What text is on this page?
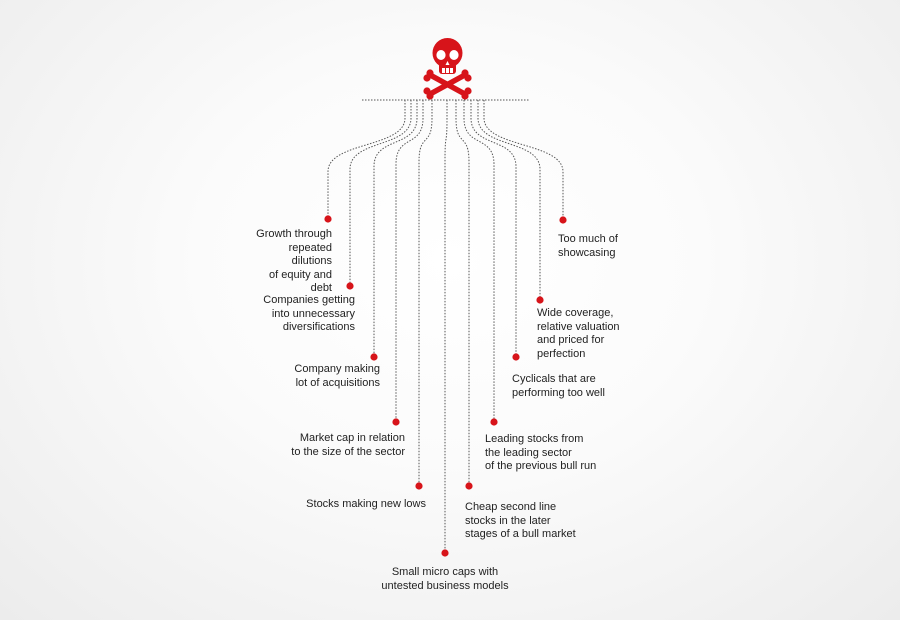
Growth through
repeated dilutions
of equity and debt
Companies getting
into unnecessary
diversifications
Company making
lot of acquisitions
Market cap in relation
to the size of the sector
Stocks making new lows
Small micro caps with
untested business models
Cheap second line
stocks in the later
stages of a bull market
Leading stocks from
the leading sector
of the previous bull run
Cyclicals that are
performing too well
Wide coverage,
relative valuation
and priced for
perfection
Too much of
showcasing
